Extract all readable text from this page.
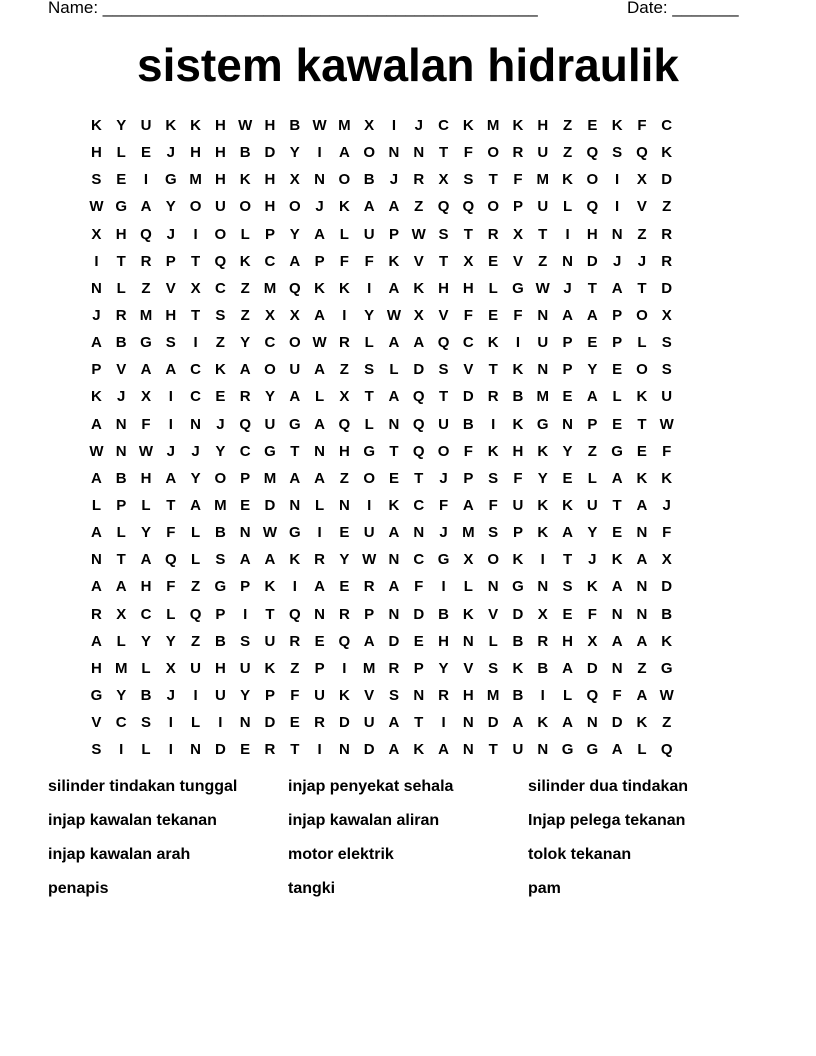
Name: ______________________________________________	Date: _______
sistem kawalan hidraulik
K Y U K K H W H B W M X	I	J	C K M K H Z	E K F C
H L	E	J	H H B D Y	I	A O N N T	F O R U Z Q S Q K
S E	I	G M H K H X N O B	J	R X S	T	F M K O	I	X D
W G A Y O U O H O J	K A A Z Q Q O P U L Q	I	V	Z
X H Q J	I	O L	P Y A L U P W S	T R X	T	I	H N Z R
I	T R P	T Q K C A P	F	F K V	T	X E V	Z N D	J	J	R
N L	Z	V X C Z M Q K K	I	A K H H L G W J	T A T D
J	R M H T	S	Z	X X A	I	Y W X V	F	E	F N A A P O X
A B G S	I	Z	Y C O W R L A A Q C K	I	U P E P	L	S
P V A A C K A O U A Z	S	L D S V	T K N P Y E O S
K	J	X	I	C E R Y A L	X	T A Q T D R B M E A L K U
A N F	I	N	J Q U G A Q L N Q U B	I	K G N P E	T W
W N W J	J	Y C G T N H G T Q O F K H K Y	Z G E	F
A B H A Y O P M A A Z O E	T	J	P S	F	Y E	L A K K
L	P	L	T A M E D N L N	I	K C F A F U K K U T A	J
A L	Y	F	L B N W G	I	E U A N	J M S P K A Y E N F
N T A Q L	S A A K R Y W N C G X O K	I	T	J	K A X
A A H F	Z G P K	I	A E R A F	I	L N G N S K A N D
R X C L Q P	I	T Q N R P N D B K V D X E	F N N B
A L	Y Y	Z B S U R E Q A D E H N L B R H X A A K
H M L	X U H U K Z	P	I	M R P Y V S K B A D N Z G
G Y B	J	I	U Y P	F U K V S N R H M B	I	L Q F A W
V C S	I	L	I	N D E R D U A T	I	N D A K A N D K Z
S	I	L	I	N D E R T	I	N D A K A N T U N G G A L Q
silinder tindakan tunggal	injap penyekat sehala	silinder dua tindakan
injap kawalan tekanan	injap kawalan aliran	Injap pelega tekanan
injap kawalan arah	motor elektrik	tolok tekanan
penapis	tangki	pam
